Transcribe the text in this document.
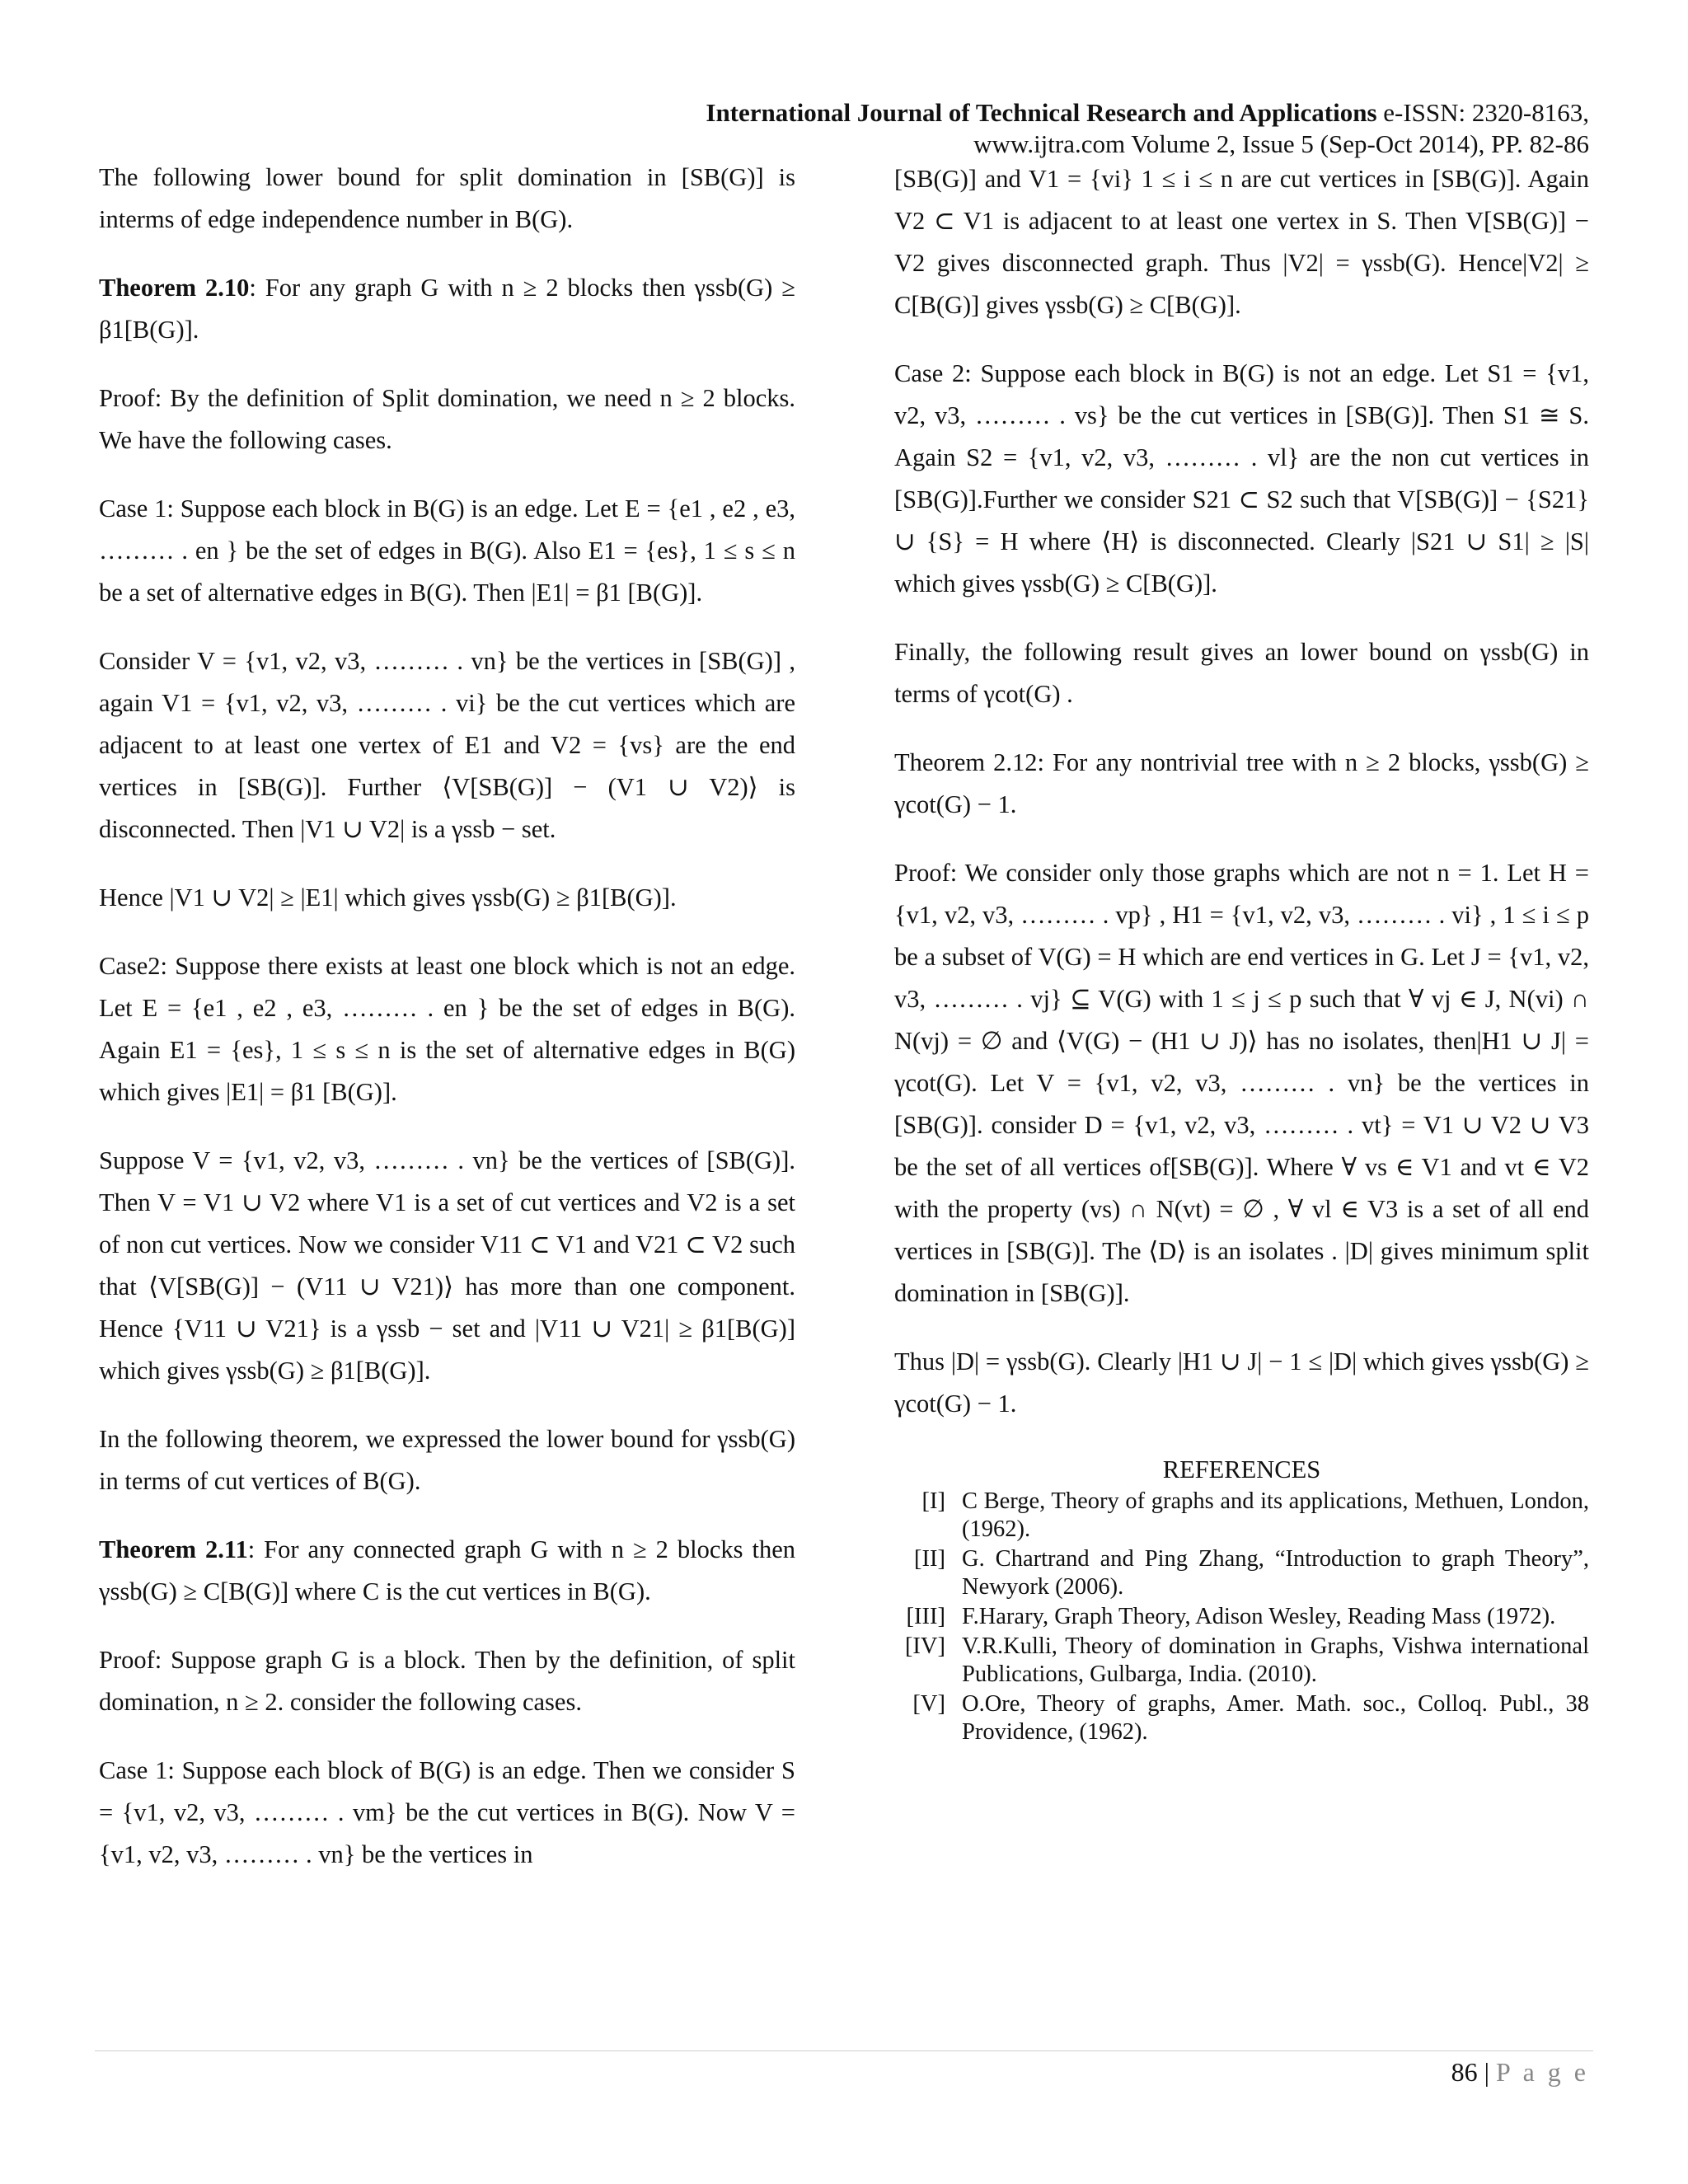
International Journal of Technical Research and Applications e-ISSN: 2320-8163,
www.ijtra.com Volume 2, Issue 5 (Sep-Oct 2014), PP. 82-86

The following lower bound for split domination in [SB(G)] is interms of edge independence number in B(G).

Theorem 2.10: For any graph G with n ≥ 2 blocks then γssb(G) ≥ β1[B(G)].

Proof: By the definition of Split domination, we need n ≥ 2 blocks. We have the following cases.

Case 1: Suppose each block in B(G) is an edge. Let E = {e1 , e2 , e3, ……… . en } be the set of edges in B(G). Also E1 = {es}, 1 ≤ s ≤ n be a set of alternative edges in B(G). Then |E1| = β1 [B(G)].

Consider V = {v1, v2, v3, ……… . vn} be the vertices in [SB(G)] , again V1 = {v1, v2, v3, ……… . vi} be the cut vertices which are adjacent to at least one vertex of E1 and V2 = {vs} are the end vertices in [SB(G)]. Further ⟨V[SB(G)] − (V1 ∪ V2)⟩ is disconnected. Then |V1 ∪ V2| is a γssb − set.

Hence |V1 ∪ V2| ≥ |E1| which gives γssb(G) ≥ β1[B(G)].

Case2: Suppose there exists at least one block which is not an edge. Let E = {e1 , e2 , e3, ……… . en } be the set of edges in B(G). Again E1 = {es}, 1 ≤ s ≤ n is the set of alternative edges in B(G) which gives |E1| = β1 [B(G)].

Suppose V = {v1, v2, v3, ……… . vn} be the vertices of [SB(G)]. Then V = V1 ∪ V2 where V1 is a set of cut vertices and V2 is a set of non cut vertices. Now we consider V11 ⊂ V1 and V21 ⊂ V2 such that ⟨V[SB(G)] − (V11 ∪ V21)⟩ has more than one component. Hence {V11 ∪ V21} is a γssb − set and |V11 ∪ V21| ≥ β1[B(G)] which gives γssb(G) ≥ β1[B(G)].

In the following theorem, we expressed the lower bound for γssb(G) in terms of cut vertices of B(G).

Theorem 2.11: For any connected graph G with n ≥ 2 blocks then γssb(G) ≥ C[B(G)] where C is the cut vertices in B(G).

Proof: Suppose graph G is a block. Then by the definition, of split domination, n ≥ 2. consider the following cases.

Case 1: Suppose each block of B(G) is an edge. Then we consider S = {v1, v2, v3, ……… . vm} be the cut vertices in B(G). Now V = {v1, v2, v3, ……… . vn} be the vertices in

[SB(G)] and V1 = {vi} 1 ≤ i ≤ n are cut vertices in [SB(G)]. Again V2 ⊂ V1 is adjacent to at least one vertex in S. Then V[SB(G)] − V2 gives disconnected graph. Thus |V2| = γssb(G). Hence|V2| ≥ C[B(G)] gives γssb(G) ≥ C[B(G)].

Case 2: Suppose each block in B(G) is not an edge. Let S1 = {v1, v2, v3, ……… . vs} be the cut vertices in [SB(G)]. Then S1 ≅ S. Again S2 = {v1, v2, v3, ……… . vl} are the non cut vertices in [SB(G)].Further we consider S21 ⊂ S2 such that V[SB(G)] − {S21} ∪ {S} = H where ⟨H⟩ is disconnected. Clearly |S21 ∪ S1| ≥ |S| which gives γssb(G) ≥ C[B(G)].

Finally, the following result gives an lower bound on γssb(G) in terms of γcot(G) .

Theorem 2.12: For any nontrivial tree with n ≥ 2 blocks, γssb(G) ≥ γcot(G) − 1.

Proof: We consider only those graphs which are not n = 1. Let H = {v1, v2, v3, ……… . vp} , H1 = {v1, v2, v3, ……… . vi} , 1 ≤ i ≤ p be a subset of V(G) = H which are end vertices in G. Let J = {v1, v2, v3, ……… . vj} ⊆ V(G) with 1 ≤ j ≤ p such that ∀ vj ∈ J, N(vi) ∩ N(vj) = ∅ and ⟨V(G) − (H1 ∪ J)⟩ has no isolates, then|H1 ∪ J| = γcot(G). Let V = {v1, v2, v3, ……… . vn} be the vertices in [SB(G)]. consider D = {v1, v2, v3, ……… . vt} = V1 ∪ V2 ∪ V3 be the set of all vertices of[SB(G)]. Where ∀ vs ∈ V1 and vt ∈ V2 with the property (vs) ∩ N(vt) = ∅ , ∀ vl ∈ V3 is a set of all end vertices in [SB(G)]. The ⟨D⟩ is an isolates . |D| gives minimum split domination in [SB(G)].

Thus |D| = γssb(G). Clearly |H1 ∪ J| − 1 ≤ |D| which gives γssb(G) ≥ γcot(G) − 1.

REFERENCES
[I] C Berge, Theory of graphs and its applications, Methuen, London, (1962).
[II] G. Chartrand and Ping Zhang, “Introduction to graph Theory”, Newyork (2006).
[III] F.Harary, Graph Theory, Adison Wesley, Reading Mass (1972).
[IV] V.R.Kulli, Theory of domination in Graphs, Vishwa international Publications, Gulbarga, India. (2010).
[V] O.Ore, Theory of graphs, Amer. Math. soc., Colloq. Publ., 38 Providence, (1962).
86 | P a g e
